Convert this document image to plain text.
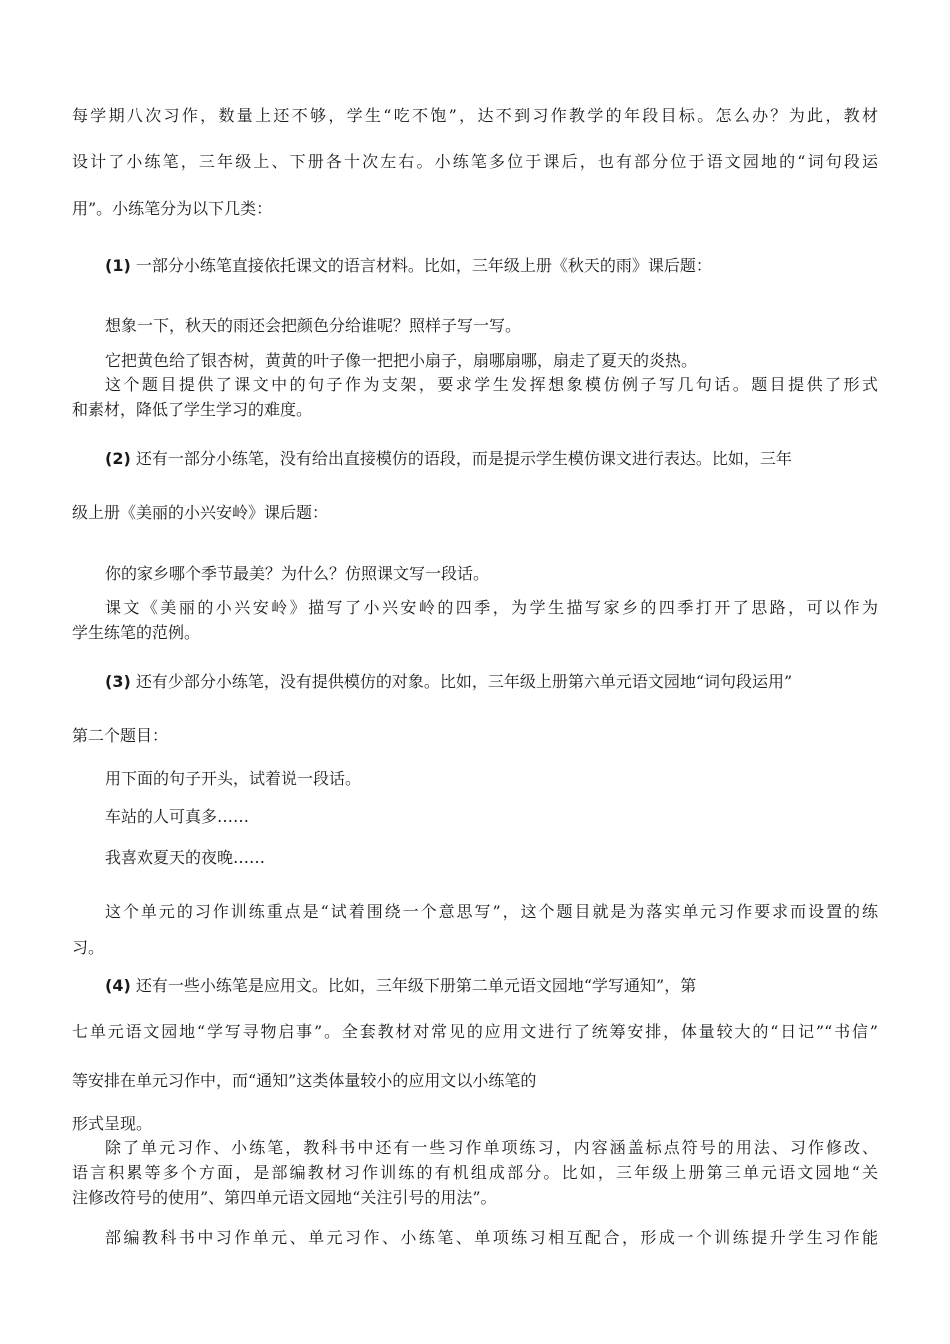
每学期八次习作，数量上还不够，学生“吃不饱”，达不到习作教学的年段目标。怎么办？为此，教材

设计了小练笔，三年级上、下册各十次左右。小练笔多位于课后，也有部分位于语文园地的“词句段运

用”。小练笔分为以下几类：

(1) 一部分小练笔直接依托课文的语言材料。比如，三年级上册《秋天的雨》课后题：

想象一下，秋天的雨还会把颜色分给谁呢？照样子写一写。

它把黄色给了银杏树，黄黄的叶子像一把把小扇子，扇哪扇哪，扇走了夏天的炎热。

这个题目提供了课文中的句子作为支架，要求学生发挥想象模仿例子写几句话。题目提供了形式

和素材，降低了学生学习的难度。

(2) 还有一部分小练笔，没有给出直接模仿的语段，而是提示学生模仿课文进行表达。比如，三年

级上册《美丽的小兴安岭》课后题：

你的家乡哪个季节最美？为什么？仿照课文写一段话。

课文《美丽的小兴安岭》描写了小兴安岭的四季，为学生描写家乡的四季打开了思路，可以作为

学生练笔的范例。

(3) 还有少部分小练笔，没有提供模仿的对象。比如，三年级上册第六单元语文园地“词句段运用”

第二个题目：

用下面的句子开头，试着说一段话。

车站的人可真多……

我喜欢夏天的夜晚……

这个单元的习作训练重点是“试着围绕一个意思写”，这个题目就是为落实单元习作要求而设置的练

习。

(4) 还有一些小练笔是应用文。比如，三年级下册第二单元语文园地“学写通知”，第

七单元语文园地“学写寻物启事”。全套教材对常见的应用文进行了统筹安排，体量较大的“日记”“书信”

等安排在单元习作中，而“通知”这类体量较小的应用文以小练笔的

形式呈现。

除了单元习作、小练笔，教科书中还有一些习作单项练习，内容涵盖标点符号的用法、习作修改、

语言积累等多个方面，是部编教材习作训练的有机组成部分。比如，三年级上册第三单元语文园地“关

注修改符号的使用”、第四单元语文园地“关注引号的用法”。

部编教科书中习作单元、单元习作、小练笔、单项练习相互配合，形成一个训练提升学生习作能
